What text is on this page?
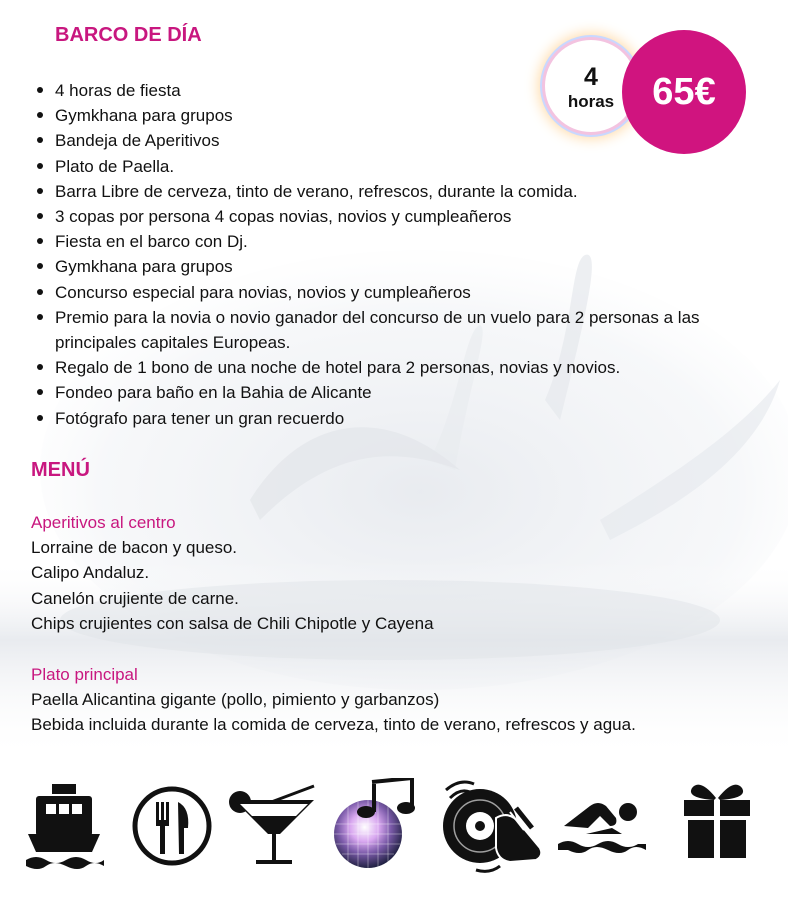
BARCO DE DÍA
4 horas de fiesta
Gymkhana para grupos
Bandeja de Aperitivos
Plato de Paella.
Barra Libre de cerveza, tinto de verano, refrescos, durante la comida.
3 copas por persona 4 copas novias, novios y cumpleañeros
Fiesta en el barco con Dj.
Gymkhana para grupos
Concurso especial para novias, novios y cumpleañeros
Premio para la novia o novio ganador del concurso de un vuelo para 2 personas a las principales capitales Europeas.
Regalo de 1 bono de una noche de hotel para 2 personas, novias y novios.
Fondeo para baño en la Bahia de Alicante
Fotógrafo para tener un gran recuerdo
4
horas	65€
MENÚ
Aperitivos al centro
Lorraine de bacon y queso.
Calipo Andaluz.
Canelón crujiente de carne.
Chips crujientes con salsa de Chili Chipotle y Cayena
Plato principal
Paella Alicantina gigante (pollo, pimiento y garbanzos)
Bebida incluida durante la comida de cerveza, tinto de verano, refrescos y agua.
